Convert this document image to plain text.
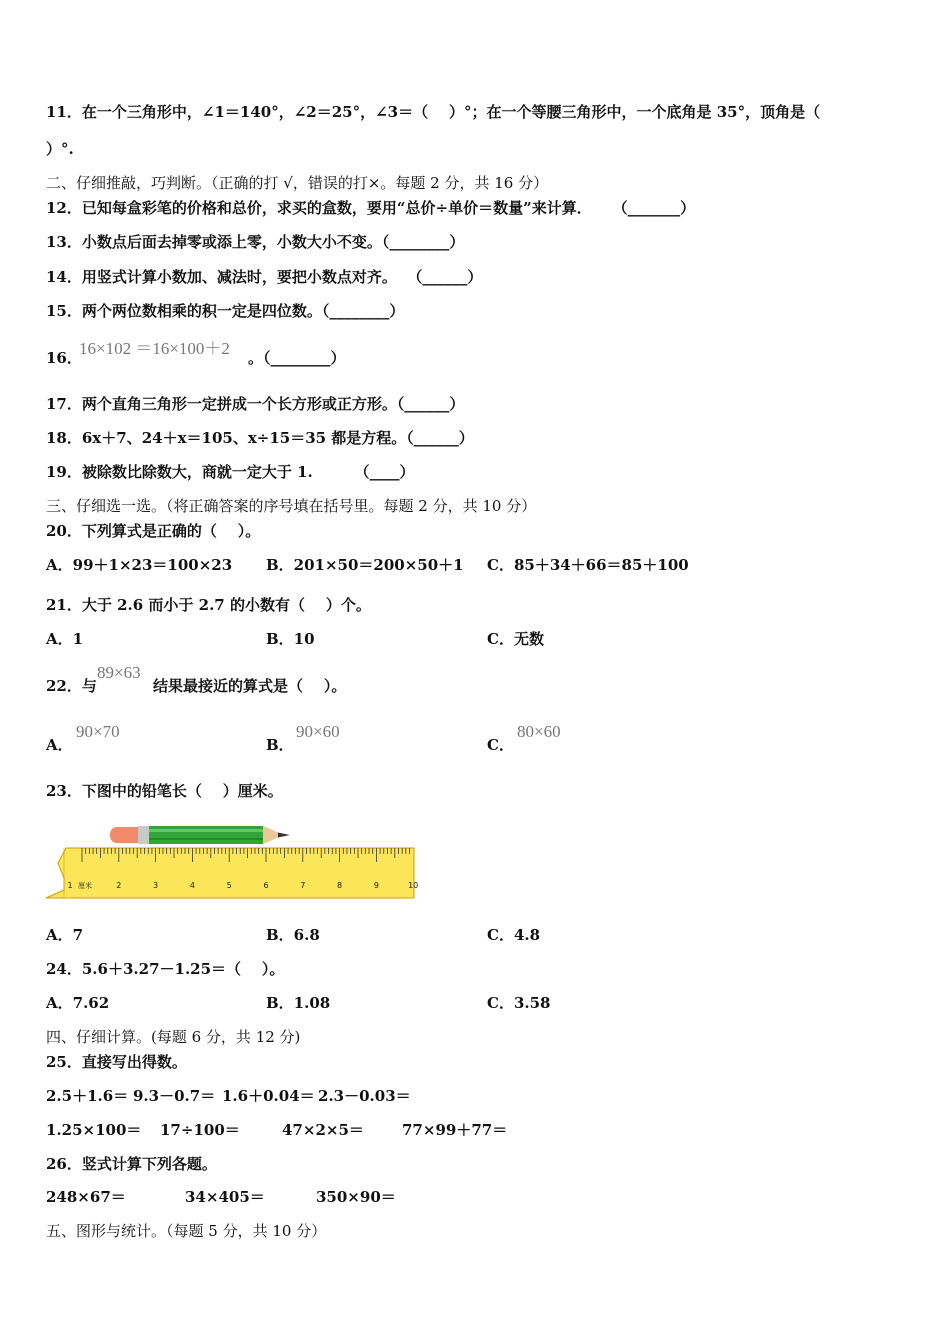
11．在一个三角形中，∠1＝140°，∠2＝25°，∠3＝（    ）°；在一个等腰三角形中，一个底角是 35°，顶角是（
）°.
二、仔细推敲，巧判断。（正确的打 √，错误的打×。每题 2 分，共 16 分）
12．已知每盒彩笔的价格和总价，求买的盒数，要用“总价÷单价＝数量”来计算．    （_______）
13．小数点后面去掉零或添上零，小数大小不变。（________）
14．用竖式计算小数加、减法时，要把小数点对齐。  （______）
15．两个两位数相乘的积一定是四位数。（________）
16．
16×102 ＝16×100＋2 。（________）
17．两个直角三角形一定拼成一个长方形或正方形。（______）
18．6x＋7、24＋x＝105、x÷15＝35 都是方程。（______）
19．被除数比除数大，商就一定大于 1.        （____）
三、仔细选一选。（将正确答案的序号填在括号里。每题 2 分，共 10 分）
20．下列算式是正确的（    ）。
A．99＋1×23＝100×23 B．201×50＝200×50＋1 C．85＋34＋66＝85＋100
21．大于 2.6 而小于 2.7 的小数有（    ）个。
A．1	B．10	C．无数
22．与
89×63
结果最接近的算式是（    ）。
A．
90×70
B．
90×60
C．
80×60
23．下图中的铅笔长（    ）厘米。
1	2	3	4	5	6	7	8	9	10
厘米
A．7	B．6.8	C．4.8
24．5.6＋3.27－1.25＝（    ）。
A．7.62	B．1.08	C．3.58
四、仔细计算。(每题 6 分，共 12 分)
25．直接写出得数。
2.5＋1.6＝ 9.3－0.7＝ 1.6＋0.04＝ 2.3－0.03＝
1.25×100＝ 17÷100＝	47×2×5＝	77×99＋77＝
26．竖式计算下列各题。
248×67＝	34×405＝	350×90＝
五、图形与统计。（每题 5 分，共 10 分）
